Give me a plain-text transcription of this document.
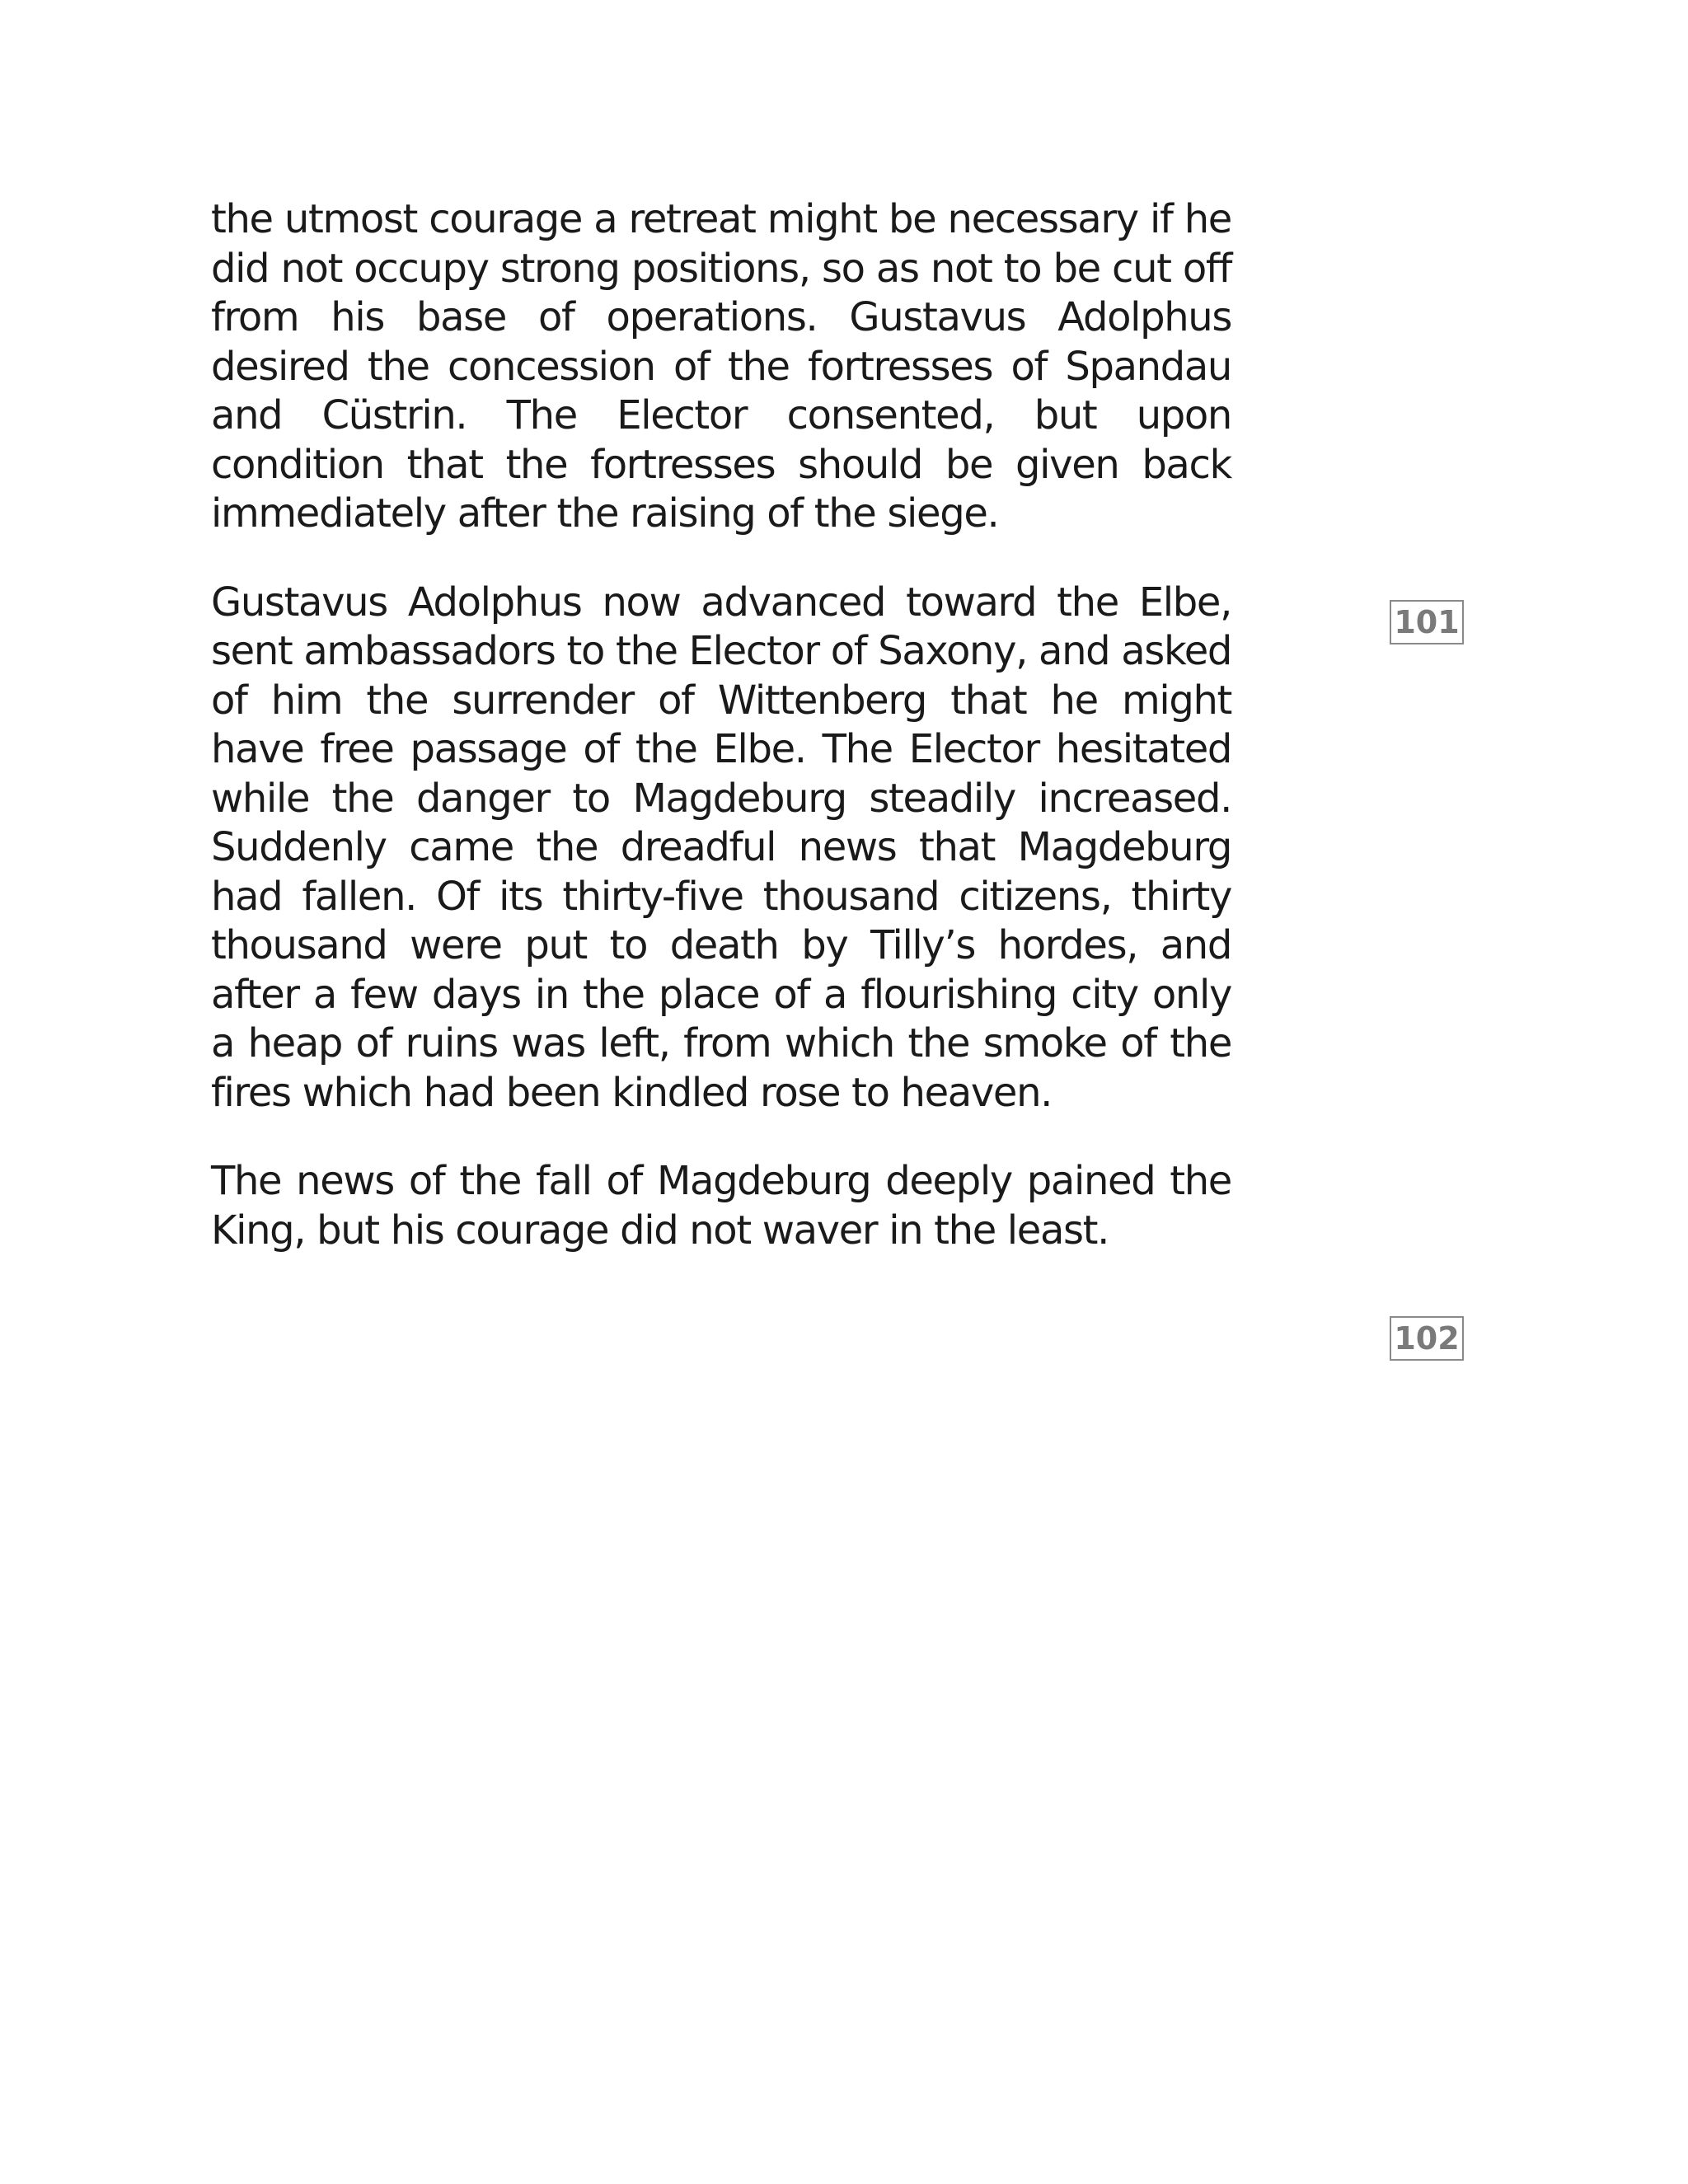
the utmost courage a retreat might be necessary if he did not occupy strong positions, so as not to be cut off from his base of operations. Gustavus Adolphus desired the concession of the fortresses of Spandau and Cüstrin. The Elector consented, but upon condition that the fortresses should be given back immediately after the raising of the siege.

Gustavus Adolphus now advanced toward the Elbe, sent ambassadors to the Elector of Saxony, and asked of him the surrender of Wittenberg that he might have free passage of the Elbe. The Elector hesitated while the danger to Magdeburg steadily increased. Suddenly came the dreadful news that Magdeburg had fallen. Of its thirty-five thousand citizens, thirty thousand were put to death by Tilly’s hordes, and after a few days in the place of a flourishing city only a heap of ruins was left, from which the smoke of the fires which had been kindled rose to heaven.

The news of the fall of Magdeburg deeply pained the King, but his courage did not waver in the least.

101
102
